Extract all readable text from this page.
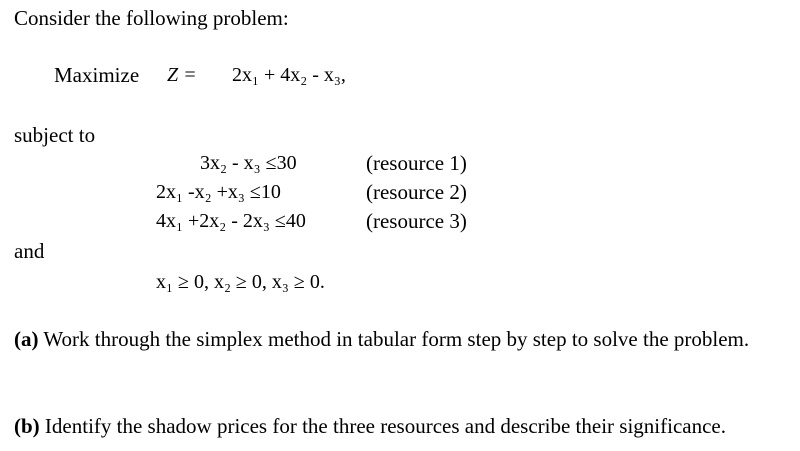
Consider the following problem:
Maximize Z = 2x₁ + 4x₂ - x₃,
subject to
3x₂ - x₃ ≤30	(resource 1)
2x₁ -x₂ +x₃ ≤10	(resource 2)
4x₁ +2x₂ - 2x₃ ≤40	(resource 3)
and
x₁ ≥ 0, x₂ ≥ 0, x₃ ≥ 0.
(a) Work through the simplex method in tabular form step by step to solve the problem.
(b) Identify the shadow prices for the three resources and describe their significance.
